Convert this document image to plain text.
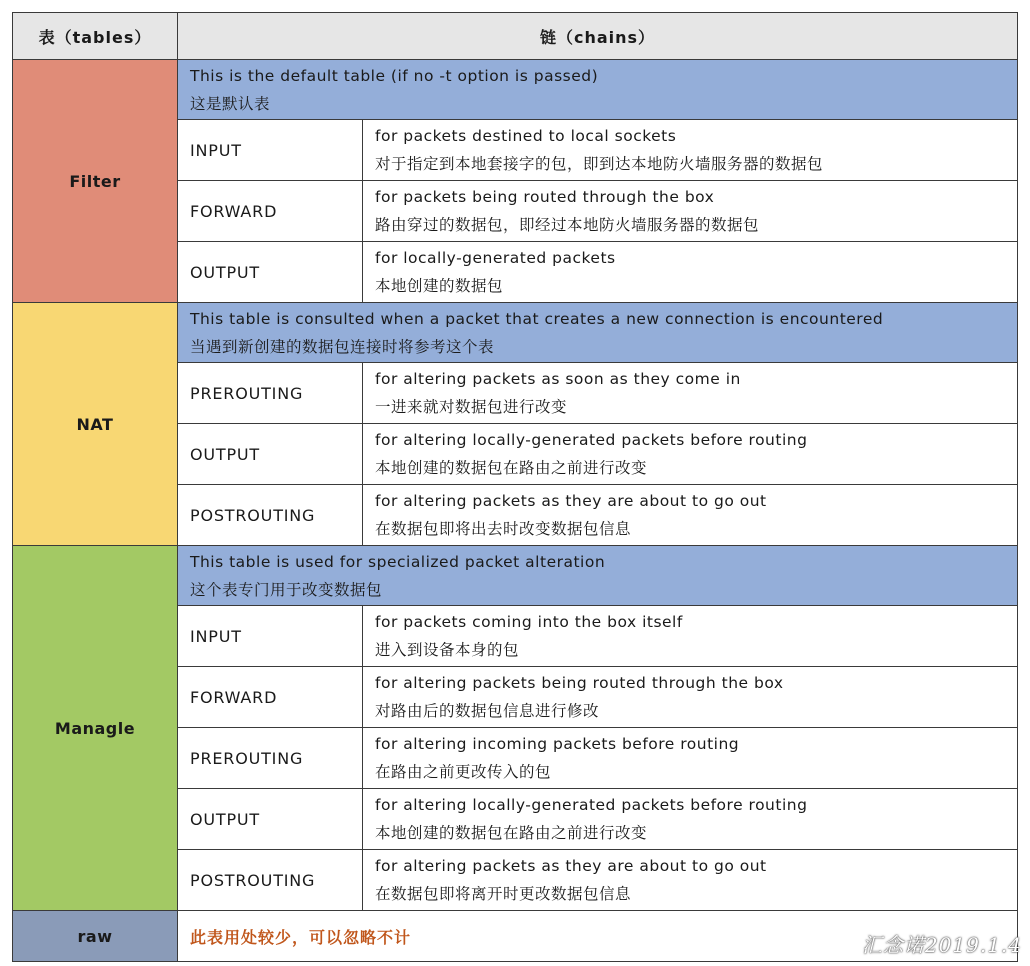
表（tables）	链（chains）	
Filter	This is the default table (if no -t option is passed)
这是默认表	

	INPUT	for packets destined to local sockets
对于指定到本地套接字的包，即到达本地防火墙服务器的数据包

	FORWARD	for packets being routed through the box
路由穿过的数据包，即经过本地防火墙服务器的数据包

	OUTPUT	for locally-generated packets
本地创建的数据包

NAT	This table is consulted when a packet that creates a new connection is encountered
当遇到新创建的数据包连接时将参考这个表	

	PREROUTING	for altering packets as soon as they come in
一进来就对数据包进行改变

	OUTPUT	for altering locally-generated packets before routing
本地创建的数据包在路由之前进行改变

	POSTROUTING	for altering packets as they are about to go out
在数据包即将出去时改变数据包信息

Managle	This table is used for specialized packet alteration
这个表专门用于改变数据包	

	INPUT	for packets coming into the box itself
进入到设备本身的包

	FORWARD	for altering packets being routed through the box
对路由后的数据包信息进行修改

	PREROUTING	for altering incoming packets before routing
在路由之前更改传入的包

	OUTPUT	for altering locally-generated packets before routing
本地创建的数据包在路由之前进行改变

	POSTROUTING	for altering packets as they are about to go out
在数据包即将离开时更改数据包信息

raw	此表用处较少，可以忽略不计		汇念诺2019.1.4
